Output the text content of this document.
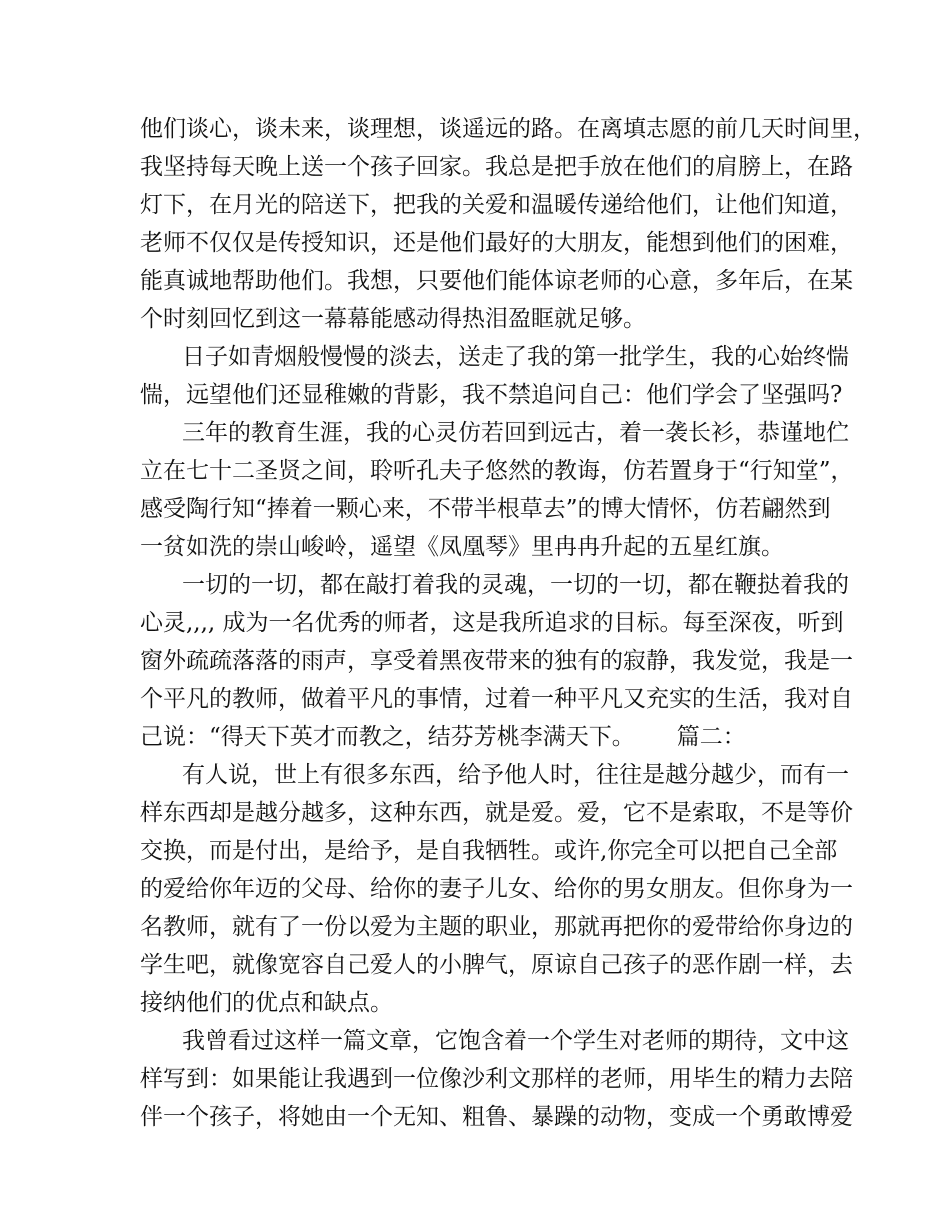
他们谈心，谈未来，谈理想，谈遥远的路。在离填志愿的前几天时间里，
我坚持每天晚上送一个孩子回家。我总是把手放在他们的肩膀上，在路
灯下，在月光的陪送下，把我的关爱和温暖传递给他们，让他们知道，
老师不仅仅是传授知识，还是他们最好的大朋友，能想到他们的困难，
能真诚地帮助他们。我想，只要他们能体谅老师的心意，多年后，在某
个时刻回忆到这一幕幕能感动得热泪盈眶就足够。
日子如青烟般慢慢的淡去，送走了我的第一批学生，我的心始终惴
惴，远望他们还显稚嫩的背影，我不禁追问自己：他们学会了坚强吗?
三年的教育生涯，我的心灵仿若回到远古，着一袭长衫，恭谨地伫
立在七十二圣贤之间，聆听孔夫子悠然的教诲，仿若置身于“行知堂”，
感受陶行知“捧着一颗心来，不带半根草去”的博大情怀，仿若翩然到
一贫如洗的崇山峻岭，遥望《凤凰琴》里冉冉升起的五星红旗。
一切的一切，都在敲打着我的灵魂，一切的一切，都在鞭挞着我的
心灵,,,, 成为一名优秀的师者，这是我所追求的目标。每至深夜，听到
窗外疏疏落落的雨声，享受着黑夜带来的独有的寂静，我发觉，我是一
个平凡的教师，做着平凡的事情，过着一种平凡又充实的生活，我对自
己说：“得天下英才而教之，结芬芳桃李满天下。 篇二：
有人说，世上有很多东西，给予他人时，往往是越分越少，而有一
样东西却是越分越多，这种东西，就是爱。爱，它不是索取，不是等价
交换，而是付出，是给予，是自我牺牲。或许,你完全可以把自己全部
的爱给你年迈的父母、给你的妻子儿女、给你的男女朋友。但你身为一
名教师，就有了一份以爱为主题的职业，那就再把你的爱带给你身边的
学生吧，就像宽容自己爱人的小脾气，原谅自己孩子的恶作剧一样，去
接纳他们的优点和缺点。
我曾看过这样一篇文章，它饱含着一个学生对老师的期待，文中这
样写到：如果能让我遇到一位像沙利文那样的老师，用毕生的精力去陪
伴一个孩子，将她由一个无知、粗鲁、暴躁的动物，变成一个勇敢博爱
